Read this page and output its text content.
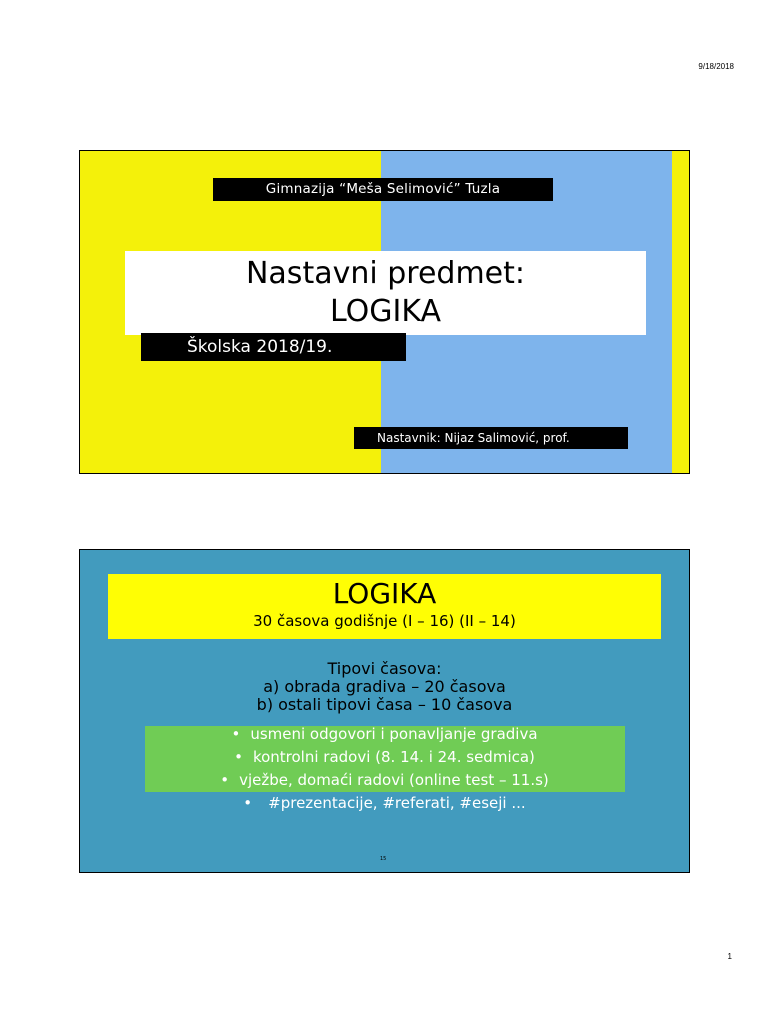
9/18/2018
Gimnazija “Meša Selimović” Tuzla
Nastavni predmet:
LOGIKA
Školska 2018/19.
Nastavnik: Nijaz Salimović, prof.
LOGIKA
30 časova godišnje (I – 16) (II – 14)
Tipovi časova:
a) obrada gradiva – 20 časova
b) ostali tipovi časa – 10 časova
• usmeni odgovori i ponavljanje gradiva
• kontrolni radovi (8. 14. i 24. sedmica)
• vježbe, domaći radovi (online test – 11.s)
• #prezentacije, #referati, #eseji ...
15
1
